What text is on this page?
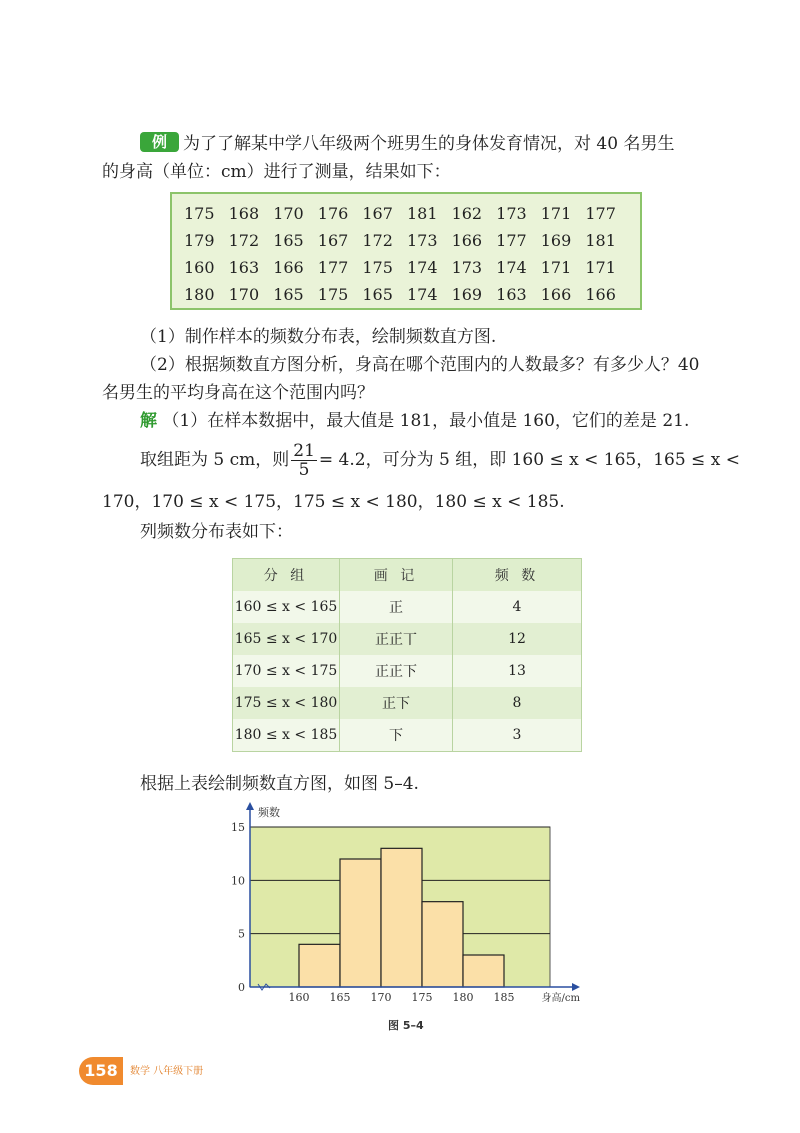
例 为了了解某中学八年级两个班男生的身体发育情况，对 40 名男生
的身高（单位：cm）进行了测量，结果如下：
175	168	170	176	167	181	162	173	171	177
179	172	165	167	172	173	166	177	169	181
160	163	166	177	175	174	173	174	171	171
180	170	165	175	165	174	169	163	166	166
（1）制作样本的频数分布表，绘制频数直方图.
（2）根据频数直方图分析，身高在哪个范围内的人数最多？有多少人？40
名男生的平均身高在这个范围内吗？
解 （1）在样本数据中，最大值是 181，最小值是 160，它们的差是 21.
取组距为 5 cm，则 $\frac{21}{5} = 4.2$，可分为 5 组，即 160 ≤ x < 165，165 ≤ x <
170，170 ≤ x < 175，175 ≤ x < 180，180 ≤ x < 185.
列频数分布表如下：
分 组	画 记	频 数
160 ≤ x < 165	正	4
165 ≤ x < 170	正正丅	12
170 ≤ x < 175	正正下	13
175 ≤ x < 180	正下	8
180 ≤ x < 185	下	3
根据上表绘制频数直方图，如图 5–4.
0
5
10
15
160 165 170 175 180 185
频数
身高/cm
图 5–4
158	数学 八年级下册
